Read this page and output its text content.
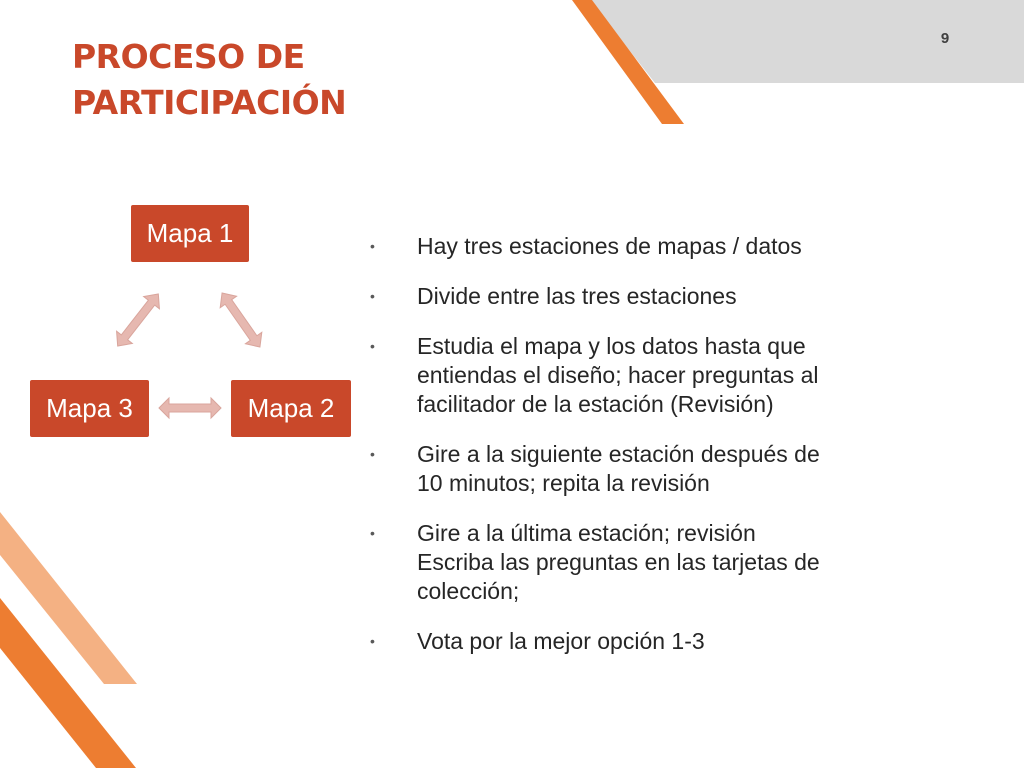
9
PROCESO DE
PARTICIPACIÓN
Mapa 1
Mapa 2
Mapa 3
• Hay tres estaciones de mapas / datos
• Divide entre las tres estaciones
• Estudia el mapa y los datos hasta que
entiendas el diseño; hacer preguntas al
facilitador de la estación (Revisión)
• Gire a la siguiente estación después de
10 minutos; repita la revisión
• Gire a la última estación; revisión
Escriba las preguntas en las tarjetas de
colección;
• Vota por la mejor opción 1-3
